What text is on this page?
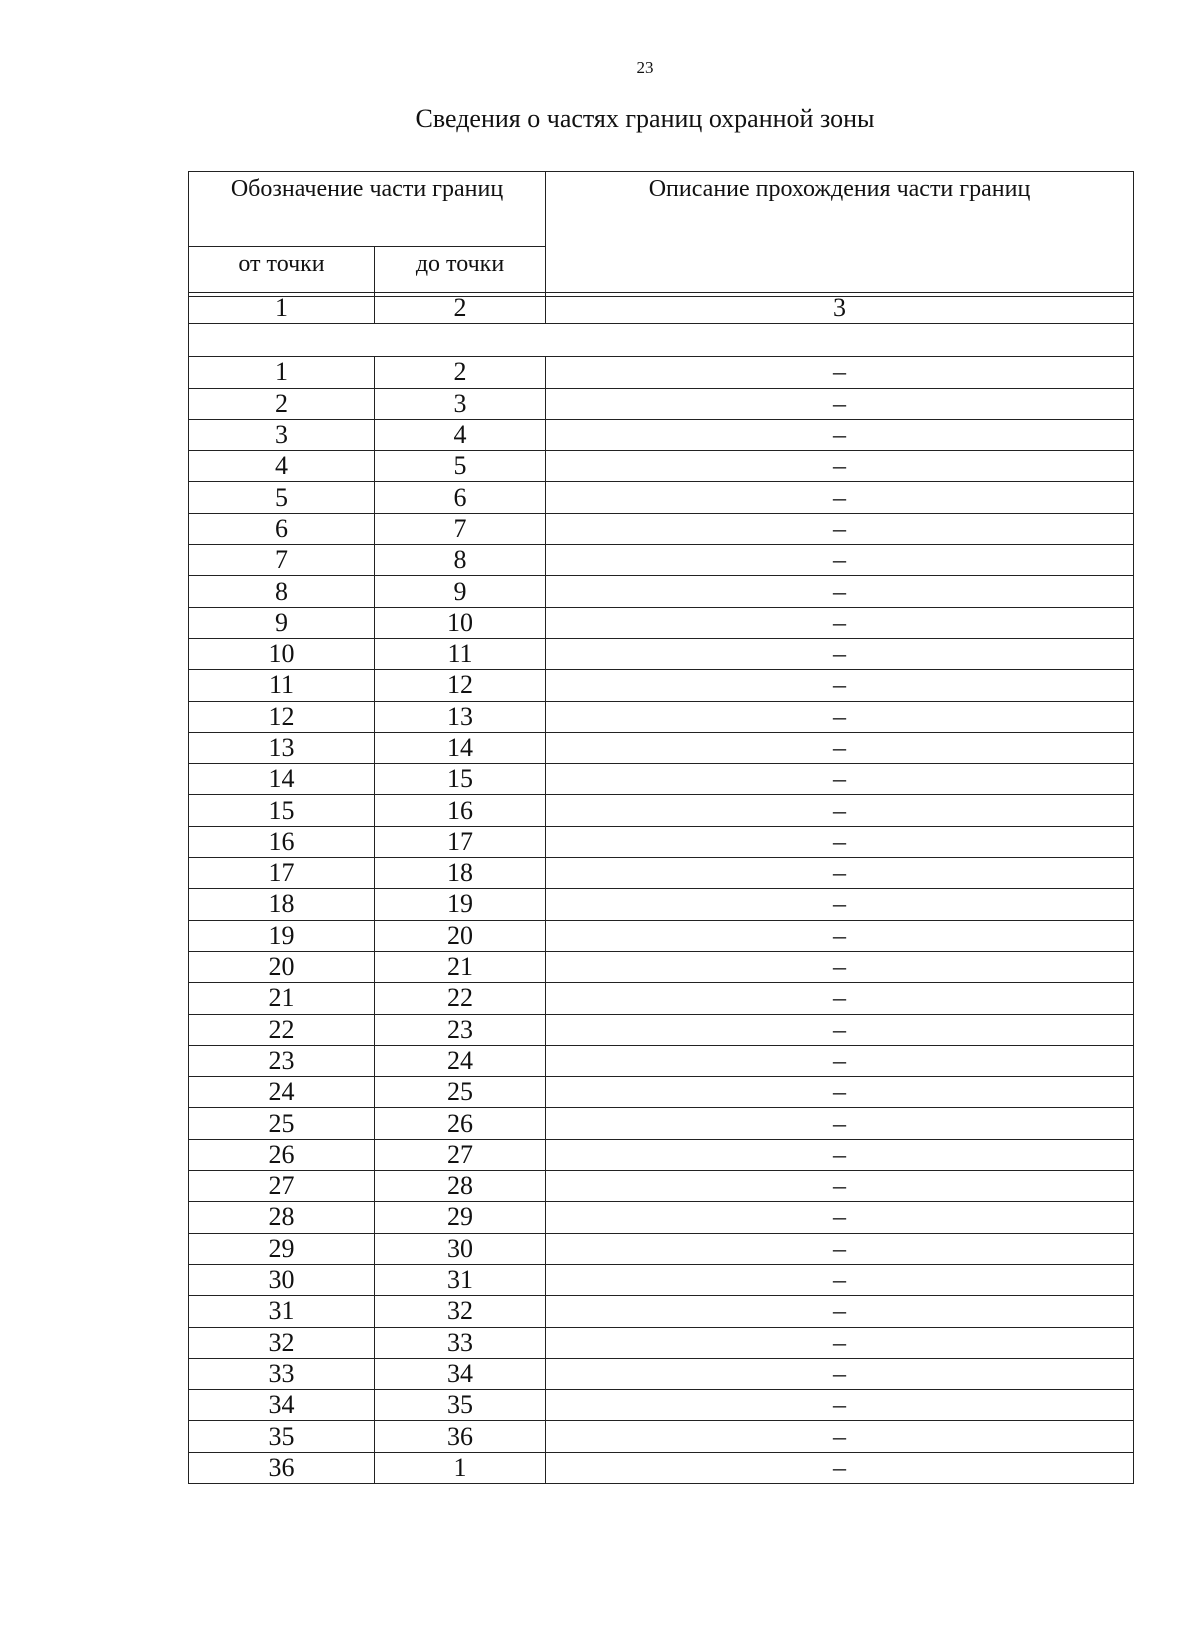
23
Сведения о частях границ охранной зоны
Обозначение части границ		Описание прохождения части границ
от точки	до точки	
1	2	3

1	2	–
2	3	–
3	4	–
4	5	–
5	6	–
6	7	–
7	8	–
8	9	–
9	10	–
10	11	–
11	12	–
12	13	–
13	14	–
14	15	–
15	16	–
16	17	–
17	18	–
18	19	–
19	20	–
20	21	–
21	22	–
22	23	–
23	24	–
24	25	–
25	26	–
26	27	–
27	28	–
28	29	–
29	30	–
30	31	–
31	32	–
32	33	–
33	34	–
34	35	–
35	36	–
36	1	–
